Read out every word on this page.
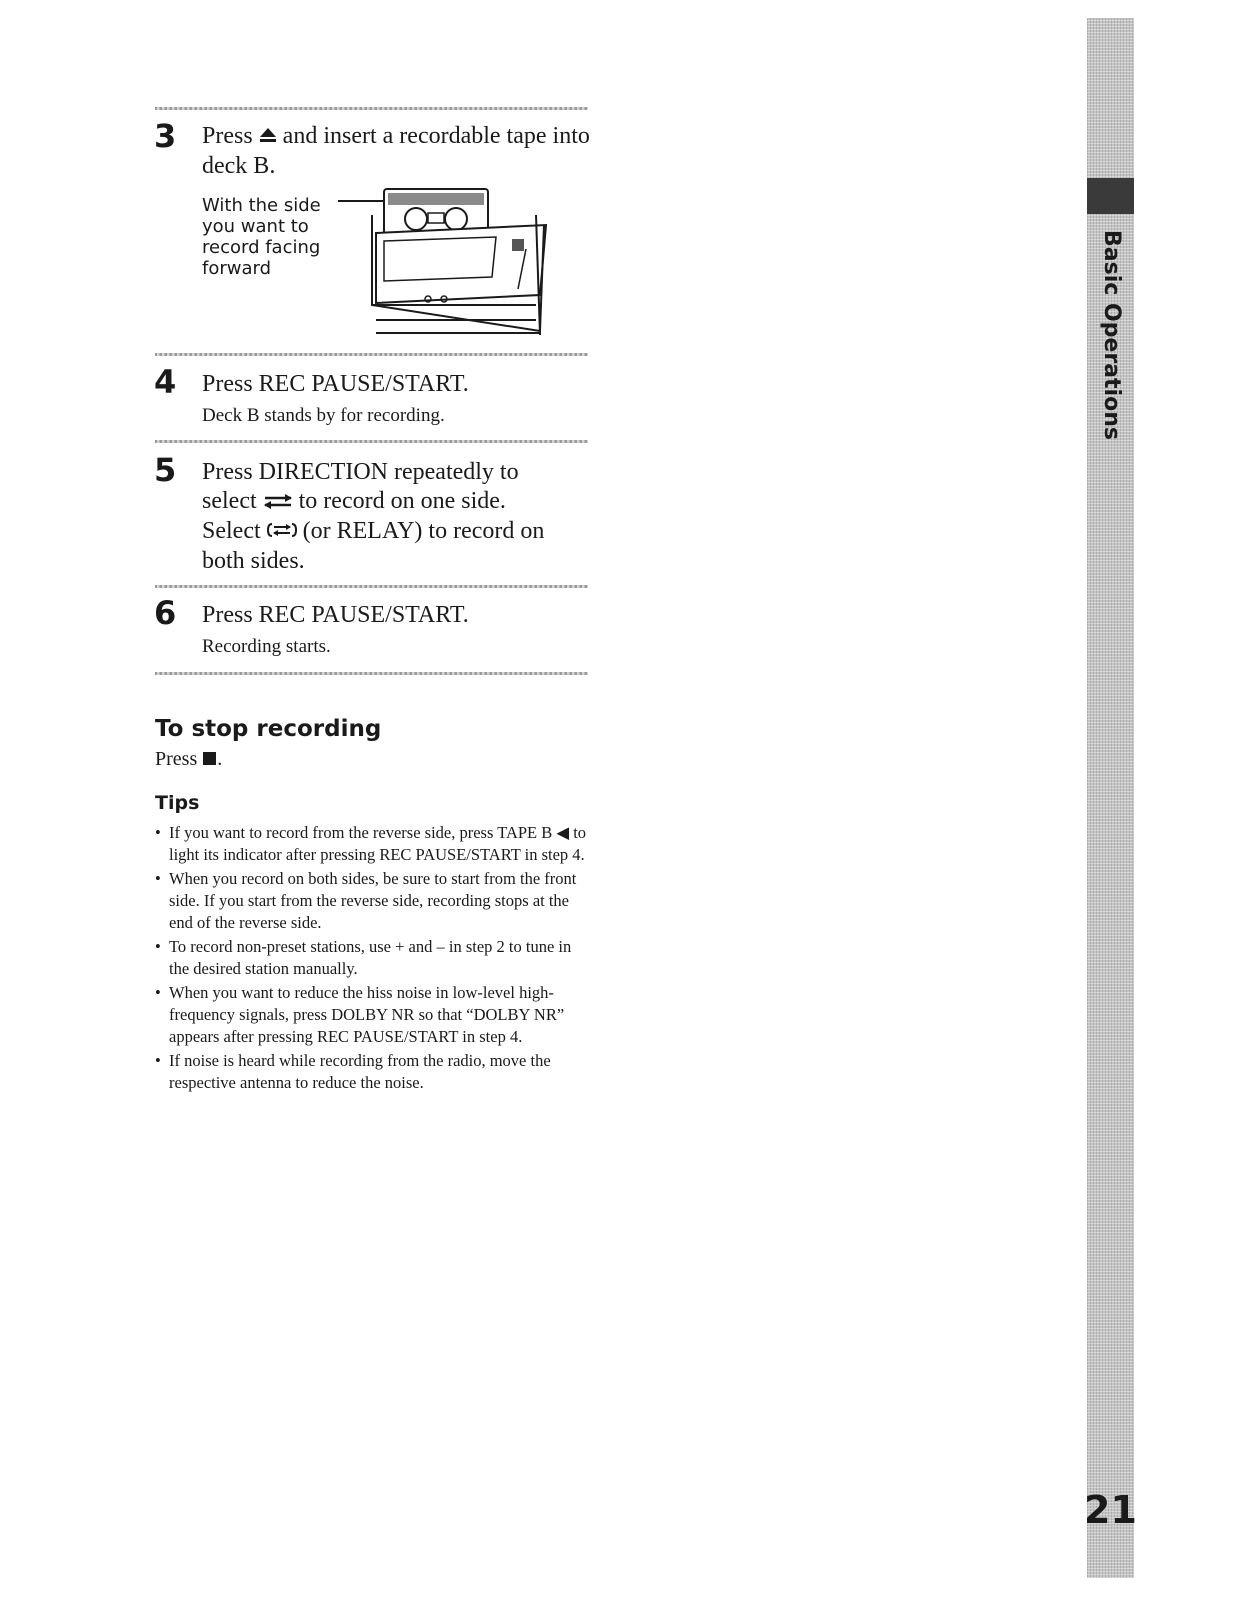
3 Press and insert a recordable tape into deck B.
With the side you want to record facing forward
4 Press REC PAUSE/START.
Deck B stands by for recording.
5 Press DIRECTION repeatedly to
select to record on one side.
Select (or RELAY) to record on
both sides.
6 Press REC PAUSE/START.
Recording starts.
To stop recording
Press .
Tips
• If you want to record from the reverse side, press TAPE B ◀ to light its indicator after pressing REC PAUSE/START in step 4.
• When you record on both sides, be sure to start from the front side. If you start from the reverse side, recording stops at the end of the reverse side.
• To record non-preset stations, use + and – in step 2 to tune in the desired station manually.
• When you want to reduce the hiss noise in low-level high-frequency signals, press DOLBY NR so that “DOLBY NR” appears after pressing REC PAUSE/START in step 4.
• If noise is heard while recording from the radio, move the respective antenna to reduce the noise.
Basic Operations
21
